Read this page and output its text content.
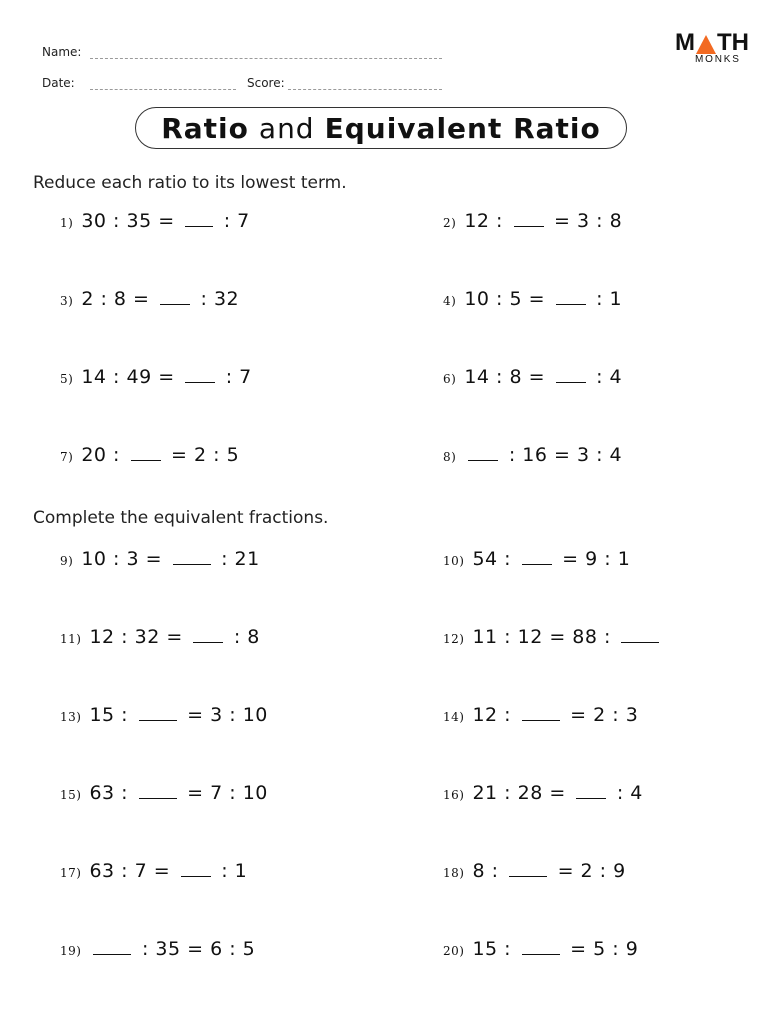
Name:
Date:	Score:
M TH
MONKS
Ratio and Equivalent Ratio
Reduce each ratio to its lowest term.
Complete the equivalent fractions.
1) 30 : 35 = : 7	2) 12 : = 3 : 8
3) 2 : 8 = : 32	4) 10 : 5 = : 1
5) 14 : 49 = : 7	6) 14 : 8 = : 4
7) 20 : = 2 : 5	8) : 16 = 3 : 4
9) 10 : 3 = : 21	10) 54 : = 9 : 1
11) 12 : 32 = : 8	12) 11 : 12 = 88 :
13) 15 : = 3 : 10	14) 12 : = 2 : 3
15) 63 : = 7 : 10	16) 21 : 28 = : 4
17) 63 : 7 = : 1	18) 8 : = 2 : 9
19)	: 35 = 6 : 5	20) 15 : = 5 : 9
